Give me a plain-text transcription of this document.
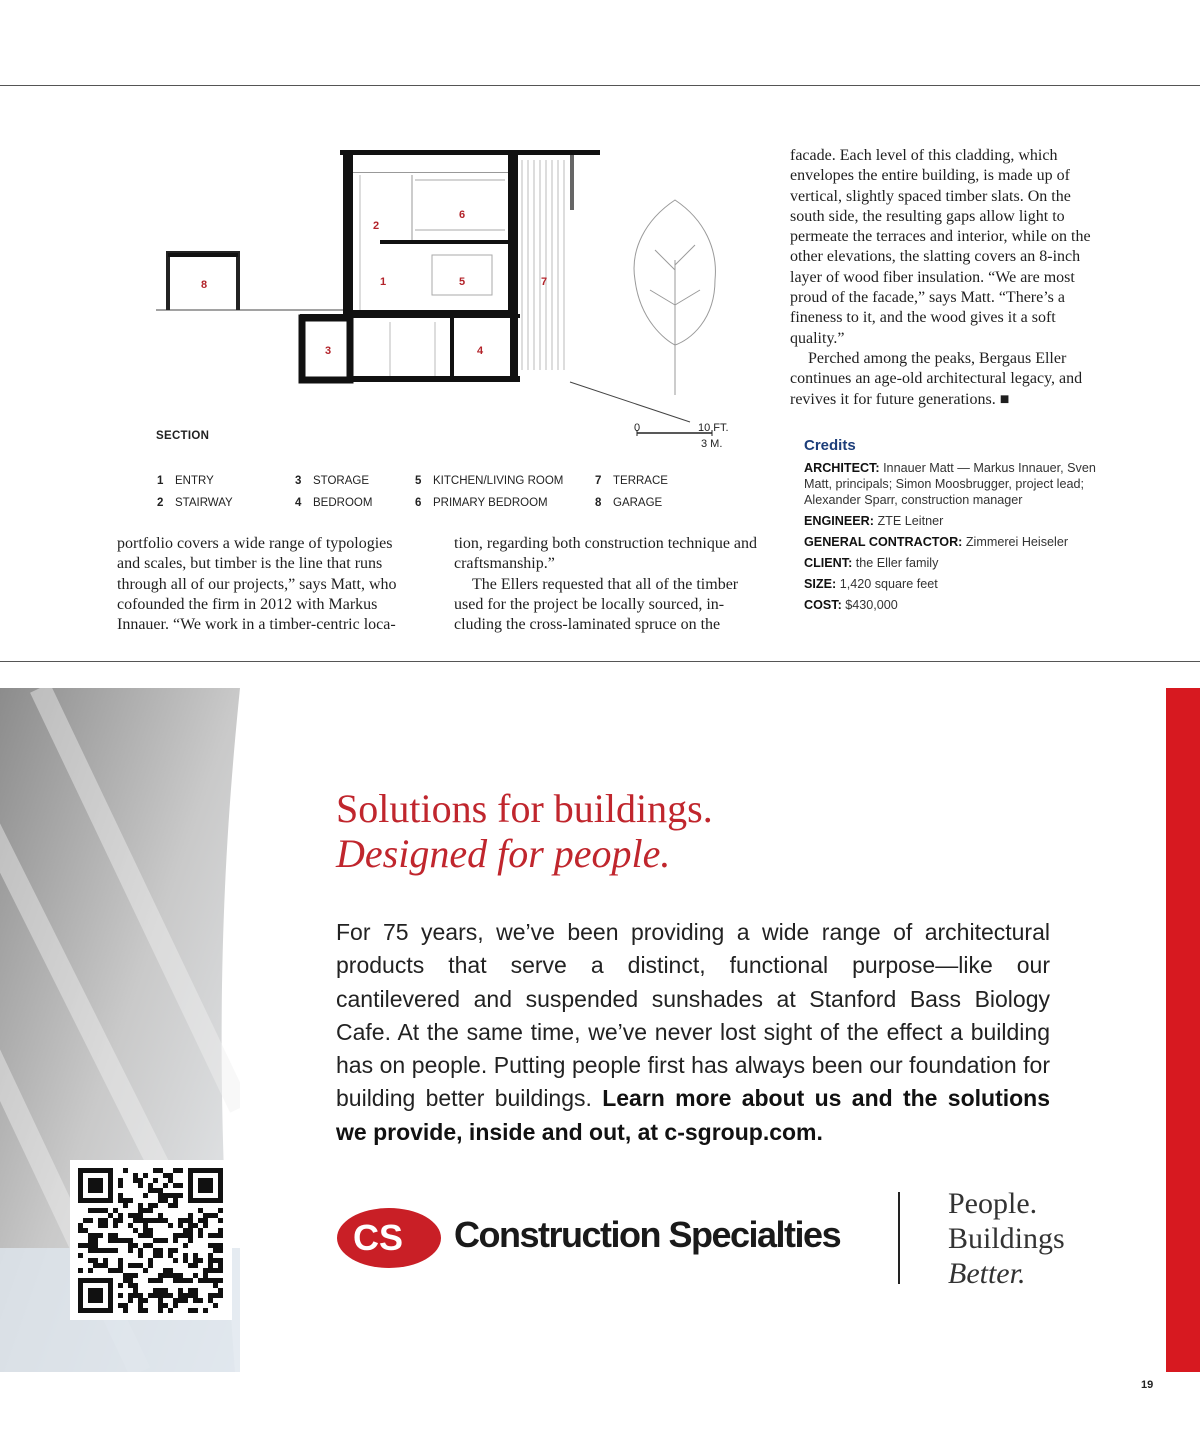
6
2
1	5	7
8
3	4
0	10 FT.
3 M.
SECTION
1 ENTRY
2 STAIRWAY
3 STORAGE
4 BEDROOM
5 KITCHEN/LIVING ROOM
6 PRIMARY BEDROOM
7 TERRACE
8 GARAGE

facade. Each level of this cladding, which envelopes the entire building, is made up of vertical, slightly spaced timber slats. On the south side, the resulting gaps allow light to permeate the terraces and interior, while on the other elevations, the slatting covers an 8-inch layer of wood fiber insulation. “We are most proud of the facade,” says Matt. “There’s a fineness to it, and the wood gives it a soft quality.”

Perched among the peaks, Bergaus Eller continues an age-old architectural legacy, and revives it for future generations. ■

portfolio covers a wide range of typologies and scales, but timber is the line that runs through all of our projects,” says Matt, who cofounded the firm in 2012 with Markus Innauer. “We work in a timber-centric loca-

tion, regarding both construction technique and craftsmanship.”

The Ellers requested that all of the timber used for the project be locally sourced, in-cluding the cross-laminated spruce on the

Credits
ARCHITECT: Innauer Matt — Markus Innauer, Sven Matt, principals; Simon Moosbrugger, project lead; Alexander Sparr, construction manager
ENGINEER: ZTE Leitner
GENERAL CONTRACTOR: Zimmerei Heiseler
CLIENT: the Eller family
SIZE: 1,420 square feet
COST: $430,000
Solutions for buildings.
Designed for people.
For 75 years, we’ve been providing a wide range of architectural products that serve a distinct, functional purpose—like our cantilevered and suspended sunshades at Stanford Bass Biology Cafe. At the same time, we’ve never lost sight of the effect a building has on people. Putting people first has always been our foundation for building better buildings. Learn more about us and the solutions we provide, inside and out, at c-sgroup.com.
CS Construction Specialties
People.
Buildings
Better.
19
